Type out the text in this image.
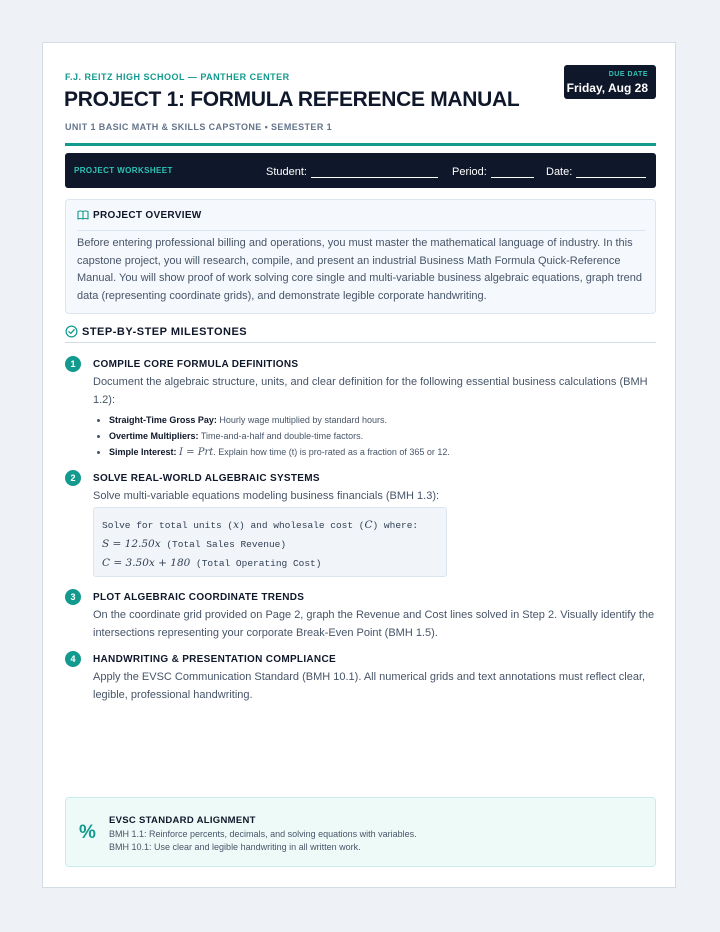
F.J. REITZ HIGH SCHOOL — PANTHER CENTER
PROJECT 1: FORMULA REFERENCE MANUAL
UNIT 1 BASIC MATH & SKILLS CAPSTONE • SEMESTER 1
DUE DATE
Friday, Aug 28
PROJECT WORKSHEET	Student:	Period:	Date:
PROJECT OVERVIEW
Before entering professional billing and operations, you must master the mathematical language of industry. In this capstone project, you will research, compile, and present an industrial Business Math Formula Quick-Reference Manual. You will show proof of work solving core single and multi-variable business algebraic equations, graph trend data (representing coordinate grids), and demonstrate legible corporate handwriting.
STEP-BY-STEP MILESTONES
1	COMPILE CORE FORMULA DEFINITIONS
Document the algebraic structure, units, and clear definition for the following essential business calculations (BMH 1.2):
• Straight-Time Gross Pay: Hourly wage multiplied by standard hours.
• Overtime Multipliers: Time-and-a-half and double-time factors.
• Simple Interest: I = Prt. Explain how time (t) is pro-rated as a fraction of 365 or 12.
2	SOLVE REAL-WORLD ALGEBRAIC SYSTEMS
Solve multi-variable equations modeling business financials (BMH 1.3):
Solve for total units (x) and wholesale cost (C) where:
S = 12.50x (Total Sales Revenue)
C = 3.50x + 180 (Total Operating Cost)
3	PLOT ALGEBRAIC COORDINATE TRENDS
On the coordinate grid provided on Page 2, graph the Revenue and Cost lines solved in Step 2. Visually identify the intersections representing your corporate Break-Even Point (BMH 1.5).
4	HANDWRITING & PRESENTATION COMPLIANCE
Apply the EVSC Communication Standard (BMH 10.1). All numerical grids and text annotations must reflect clear, legible, professional handwriting.
%
EVSC STANDARD ALIGNMENT
BMH 1.1: Reinforce percents, decimals, and solving equations with variables.
BMH 10.1: Use clear and legible handwriting in all written work.
